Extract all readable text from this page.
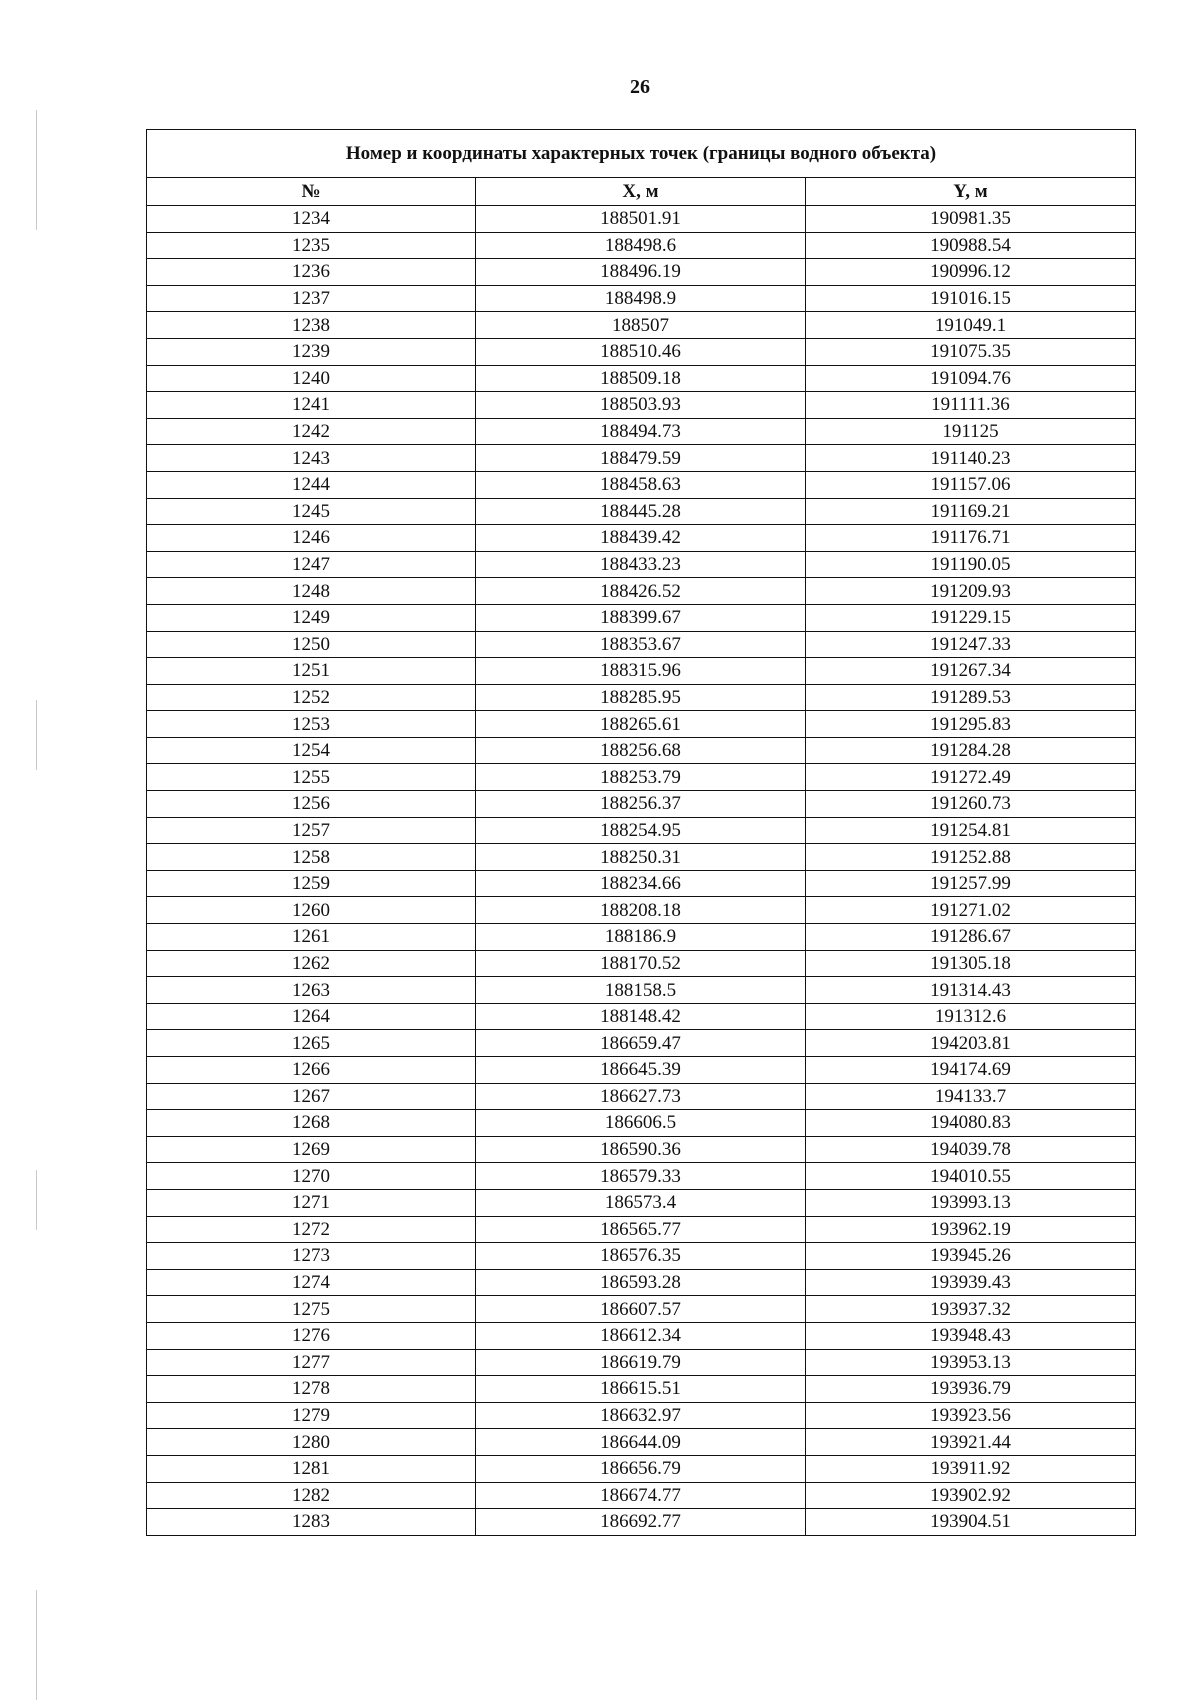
26
Номер и координаты характерных точек (границы водного объекта)		
№	X, м	Y, м
1234	188501.91	190981.35
1235	188498.6	190988.54
1236	188496.19	190996.12
1237	188498.9	191016.15
1238	188507	191049.1
1239	188510.46	191075.35
1240	188509.18	191094.76
1241	188503.93	191111.36
1242	188494.73	191125
1243	188479.59	191140.23
1244	188458.63	191157.06
1245	188445.28	191169.21
1246	188439.42	191176.71
1247	188433.23	191190.05
1248	188426.52	191209.93
1249	188399.67	191229.15
1250	188353.67	191247.33
1251	188315.96	191267.34
1252	188285.95	191289.53
1253	188265.61	191295.83
1254	188256.68	191284.28
1255	188253.79	191272.49
1256	188256.37	191260.73
1257	188254.95	191254.81
1258	188250.31	191252.88
1259	188234.66	191257.99
1260	188208.18	191271.02
1261	188186.9	191286.67
1262	188170.52	191305.18
1263	188158.5	191314.43
1264	188148.42	191312.6
1265	186659.47	194203.81
1266	186645.39	194174.69
1267	186627.73	194133.7
1268	186606.5	194080.83
1269	186590.36	194039.78
1270	186579.33	194010.55
1271	186573.4	193993.13
1272	186565.77	193962.19
1273	186576.35	193945.26
1274	186593.28	193939.43
1275	186607.57	193937.32
1276	186612.34	193948.43
1277	186619.79	193953.13
1278	186615.51	193936.79
1279	186632.97	193923.56
1280	186644.09	193921.44
1281	186656.79	193911.92
1282	186674.77	193902.92
1283	186692.77	193904.51
